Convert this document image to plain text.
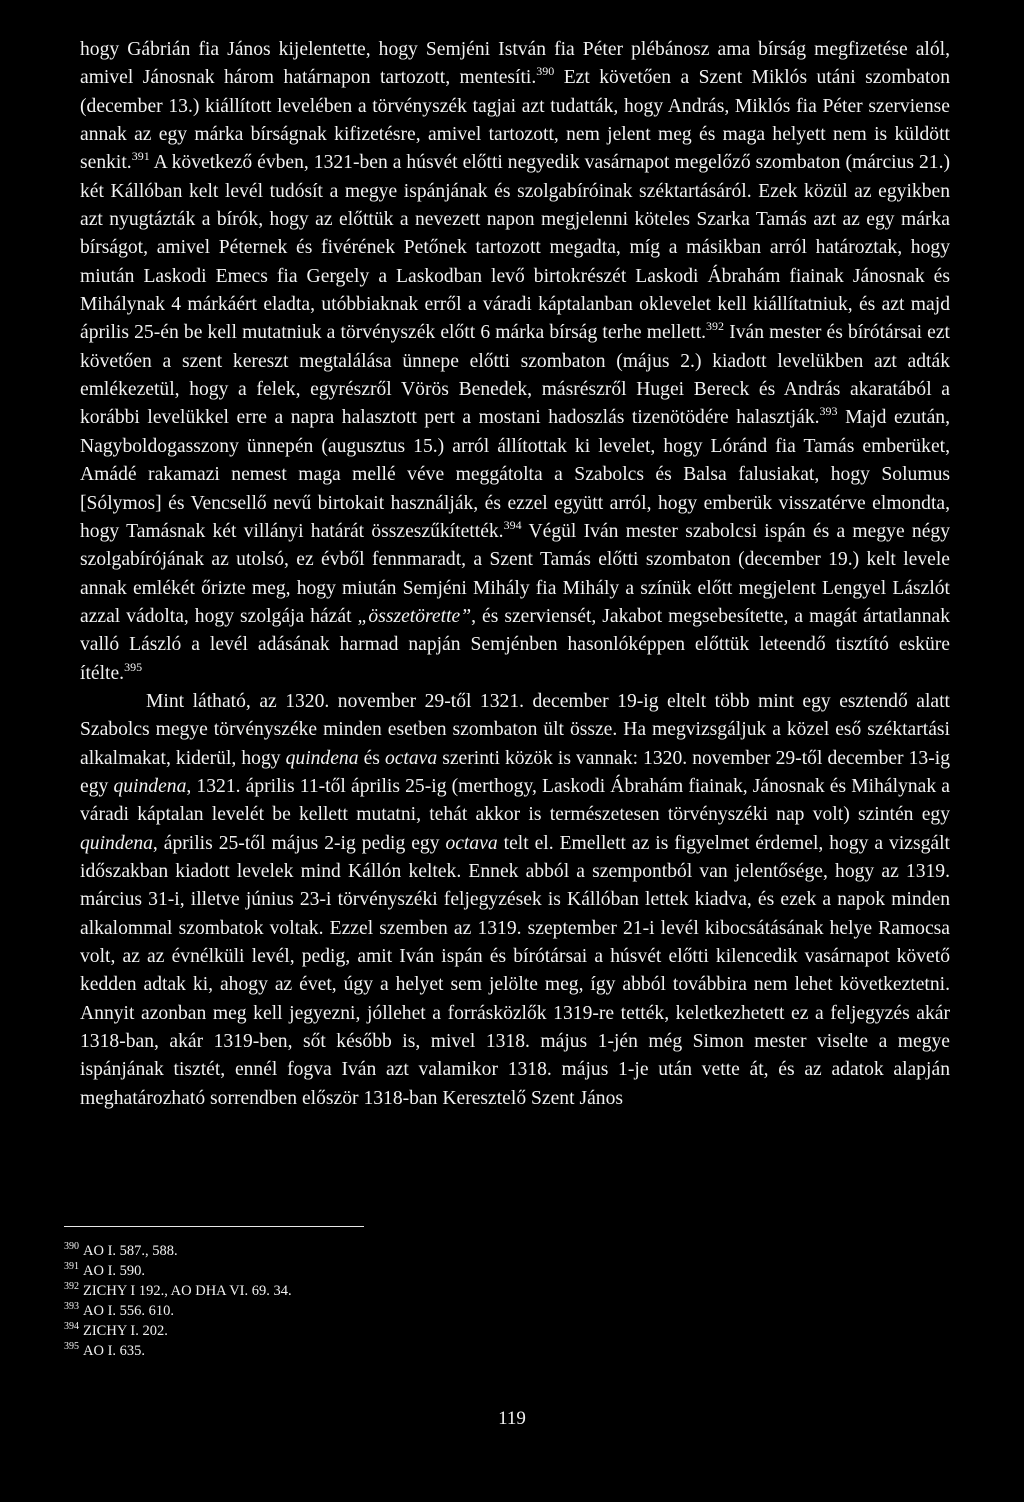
hogy Gábrián fia János kijelentette, hogy Semjéni István fia Péter plébánosz ama bírság megfizetése alól, amivel Jánosnak három határnapon tartozott, mentesíti.$^{390}$ Ezt követően a Szent Miklós utáni szombaton (december 13.) kiállított levelében a törvényszék tagjai azt tudatták, hogy András, Miklós fia Péter szerviense annak az egy márka bírságnak kifizetésre, amivel tartozott, nem jelent meg és maga helyett nem is küldött senkit.$^{391}$ A következő évben, 1321-ben a húsvét előtti negyedik vasárnapot megelőző szombaton (március 21.) két Kállóban kelt levél tudósít a megye ispánjának és szolgabíróinak széktartásáról. Ezek közül az egyikben azt nyugtázták a bírók, hogy az előttük a nevezett napon megjelenni köteles Szarka Tamás azt az egy márka bírságot, amivel Péternek és fivérének Petőnek tartozott megadta, míg a másikban arról határoztak, hogy miután Laskodi Emecs fia Gergely a Laskodban levő birtokrészét Laskodi Ábrahám fiainak Jánosnak és Mihálynak 4 márkáért eladta, utóbbiaknak erről a váradi káptalanban oklevelet kell kiállítatniuk, és azt majd április 25-én be kell mutatniuk a törvényszék előtt 6 márka bírság terhe mellett.$^{392}$ Iván mester és bírótársai ezt követően a szent kereszt megtalálása ünnepe előtti szombaton (május 2.) kiadott levelükben azt adták emlékezetül, hogy a felek, egyrészről Vörös Benedek, másrészről Hugei Bereck és András akaratából a korábbi levelükkel erre a napra halasztott pert a mostani hadoszlás tizenötödére halasztják.$^{393}$ Majd ezután, Nagyboldogasszony ünnepén (augusztus 15.) arról állítottak ki levelet, hogy Lóránd fia Tamás emberüket, Amádé rakamazi nemest maga mellé véve meggátolta a Szabolcs és Balsa falusiakat, hogy Solumus [Sólymos] és Vencsellő nevű birtokait használják, és ezzel együtt arról, hogy emberük visszatérve elmondta, hogy Tamásnak két villányi határát összeszűkítették.$^{394}$ Végül Iván mester szabolcsi ispán és a megye négy szolgabírójának az utolsó, ez évből fennmaradt, a Szent Tamás előtti szombaton (december 19.) kelt levele annak emlékét őrizte meg, hogy miután Semjéni Mihály fia Mihály a színük előtt megjelent Lengyel Lászlót azzal vádolta, hogy szolgája házát „összetörette”, és szerviensét, Jakabot megsebesítette, a magát ártatlannak valló László a levél adásának harmad napján Semjénben hasonlóképpen előttük leteendő tisztító esküre ítélte.$^{395}$

Mint látható, az 1320. november 29-től 1321. december 19-ig eltelt több mint egy esztendő alatt Szabolcs megye törvényszéke minden esetben szombaton ült össze. Ha megvizsgáljuk a közel eső széktartási alkalmakat, kiderül, hogy quindena és octava szerinti közök is vannak: 1320. november 29-től december 13-ig egy quindena, 1321. április 11-től április 25-ig (merthogy, Laskodi Ábrahám fiainak, Jánosnak és Mihálynak a váradi káptalan levelét be kellett mutatni, tehát akkor is természetesen törvényszéki nap volt) szintén egy quindena, április 25-től május 2-ig pedig egy octava telt el. Emellett az is figyelmet érdemel, hogy a vizsgált időszakban kiadott levelek mind Kállón keltek. Ennek abból a szempontból van jelentősége, hogy az 1319. március 31-i, illetve június 23-i törvényszéki feljegyzések is Kállóban lettek kiadva, és ezek a napok minden alkalommal szombatok voltak. Ezzel szemben az 1319. szeptember 21-i levél kibocsátásának helye Ramocsa volt, az az évnélküli levél, pedig, amit Iván ispán és bírótársai a húsvét előtti kilencedik vasárnapot követő kedden adtak ki, ahogy az évet, úgy a helyet sem jelölte meg, így abból továbbira nem lehet következtetni. Annyit azonban meg kell jegyezni, jóllehet a forrásközlők 1319-re tették, keletkezhetett ez a feljegyzés akár 1318-ban, akár 1319-ben, sőt később is, mivel 1318. május 1-jén még Simon mester viselte a megye ispánjának tisztét, ennél fogva Iván azt valamikor 1318. május 1-je után vette át, és az adatok alapján meghatározható sorrendben először 1318-ban Keresztelő Szent János

$^{390}$ AO I. 587., 588.
$^{391}$ AO I. 590.
$^{392}$ ZICHY I 192., AO DHA VI. 69. 34.
$^{393}$ AO I. 556. 610.
$^{394}$ ZICHY I. 202.
$^{395}$ AO I. 635.
119
